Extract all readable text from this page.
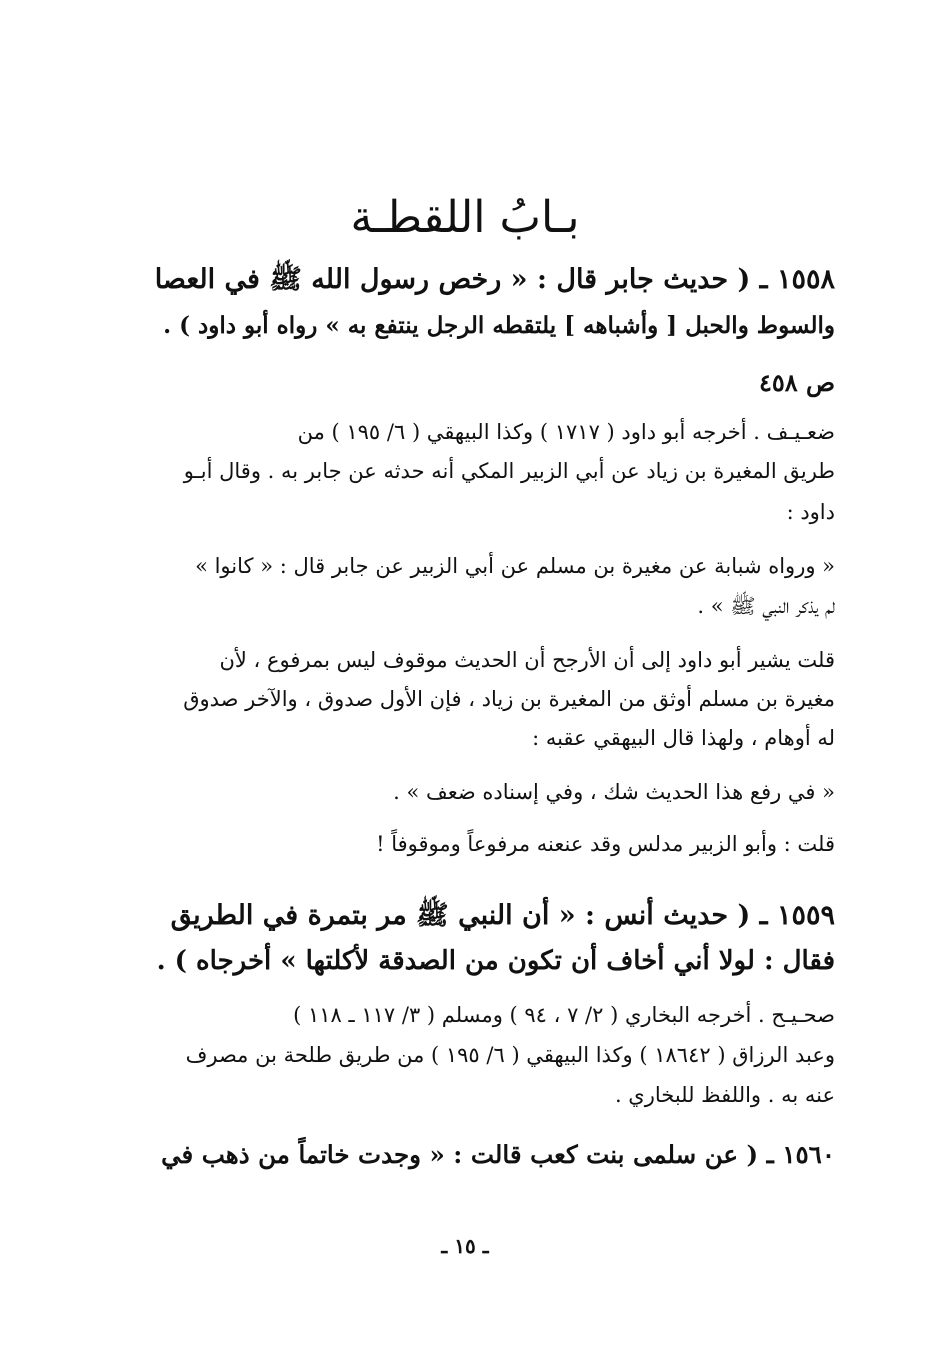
بـابُ اللقطـة
١٥٥٨ ـ ( حديث جابر قال : « رخص رسول الله ﷺ في العصا
والسوط والحبل [ وأشباهه ] يلتقطه الرجل ينتفع به » رواه أبو داود ) .
ص ٤٥٨
ضعـيـف . أخرجه أبو داود ( ١٧١٧ ) وكذا البيهقي ( ٦/ ١٩٥ ) من
طريق المغيرة بن زياد عن أبي الزبير المكي أنه حدثه عن جابر به . وقال أبـو
داود :
« ورواه شبابة عن مغيرة بن مسلم عن أبي الزبير عن جابر قال : « كانوا »
لم يذكر النبي ﷺ » .
قلت يشير أبو داود إلى أن الأرجح أن الحديث موقوف ليس بمرفوع ، لأن
مغيرة بن مسلم أوثق من المغيرة بن زياد ، فإن الأول صدوق ، والآخر صدوق
له أوهام ، ولهذا قال البيهقي عقبه :
« في رفع هذا الحديث شك ، وفي إسناده ضعف » .
قلت : وأبو الزبير مدلس وقد عنعنه مرفوعاً وموقوفاً !
١٥٥٩ ـ ( حديث أنس : « أن النبي ﷺ مر بتمرة في الطريق
فقال : لولا أني أخاف أن تكون من الصدقة لأكلتها » أخرجاه ) .
صحـيـح . أخرجه البخاري ( ٢/ ٧ ، ٩٤ ) ومسلم ( ٣/ ١١٧ ـ ١١٨ )
وعبد الرزاق ( ١٨٦٤٢ ) وكذا البيهقي ( ٦/ ١٩٥ ) من طريق طلحة بن مصرف
عنه به . واللفظ للبخاري .
١٥٦٠ ـ ( عن سلمى بنت كعب قالت : « وجدت خاتماً من ذهب في
ـ ١٥ ـ
